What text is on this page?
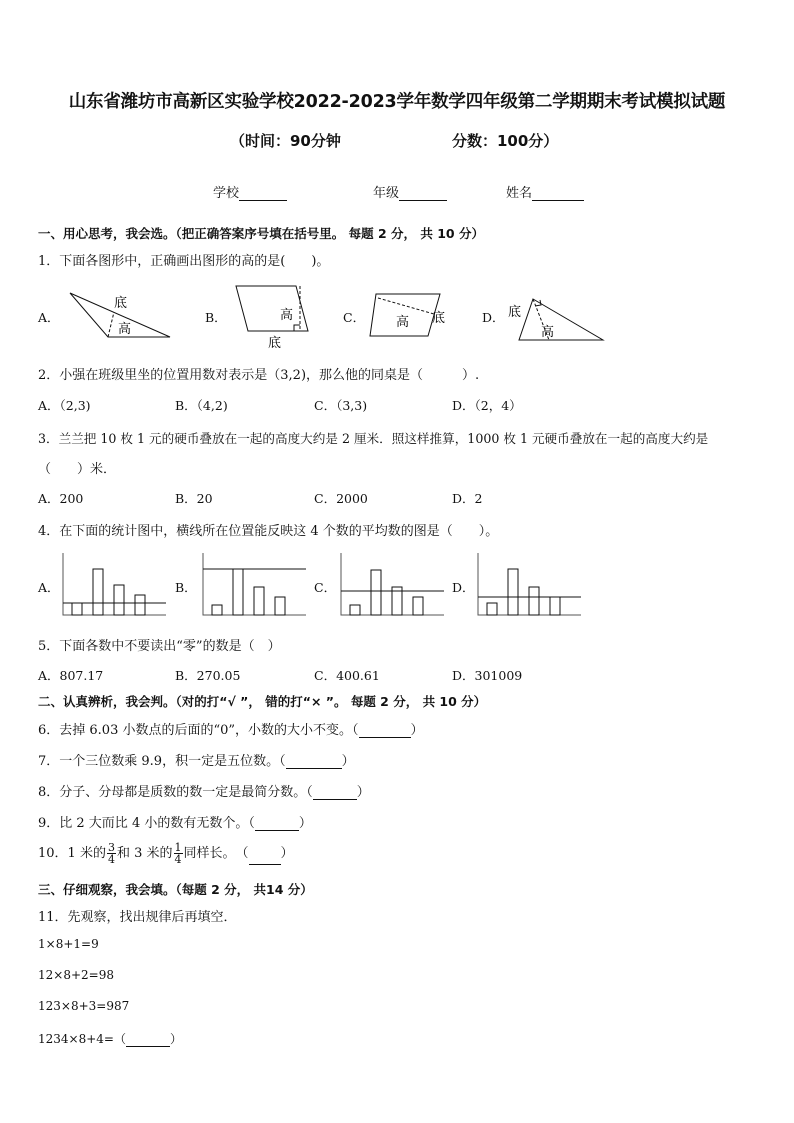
山东省潍坊市高新区实验学校2022-2023学年数学四年级第二学期期末考试模拟试题
（时间：90分钟	分数：100分）
学校	年级	姓名
一、用心思考，我会选。（把正确答案序号填在括号里。 每题 2 分， 共 10 分）
1．下面各图形中，正确画出图形的高的是(　　)。
A．	B．	C．	D．
底
高
高
底
高 底	底
高
2．小强在班级里坐的位置用数对表示是（3,2)，那么他的同桌是（　　　）.
A．（2,3)	B．（4,2)	C．（3,3)	D．（2，4）
3．兰兰把 10 枚 1 元的硬币叠放在一起的高度大约是 2 厘米．照这样推算，1000 枚 1 元硬币叠放在一起的高度大约是
（　　）米．
A．200	B．20	C．2000	D．2
4．在下面的统计图中，横线所在位置能反映这 4 个数的平均数的图是（　　）。
A．	B．	C．	D．
5．下面各数中不要读出“零”的数是（　）
A．807.17	B．270.05	C．400.61	D．301009
二、认真辨析，我会判。（对的打“√ ”， 错的打“× ”。 每题 2 分， 共 10 分）
6．去掉 6.03 小数点的后面的“0”，小数的大小不变。（	）
7．一个三位数乘 9.9，积一定是五位数。（	）
8．分子、分母都是质数的数一定是最简分数。（	）
9．比 2 大而比 4 小的数有无数个。（	）
10．1 米的 $\frac{3}{4}$ 和 3 米的 $\frac{1}{4}$ 同样长。　（ ）
三、仔细观察，我会填。（每题 2 分， 共14 分）
11．先观察，找出规律后再填空．
1×8+1=9
12×8+2=98
123×8+3=987
1234×8+4=（	）
